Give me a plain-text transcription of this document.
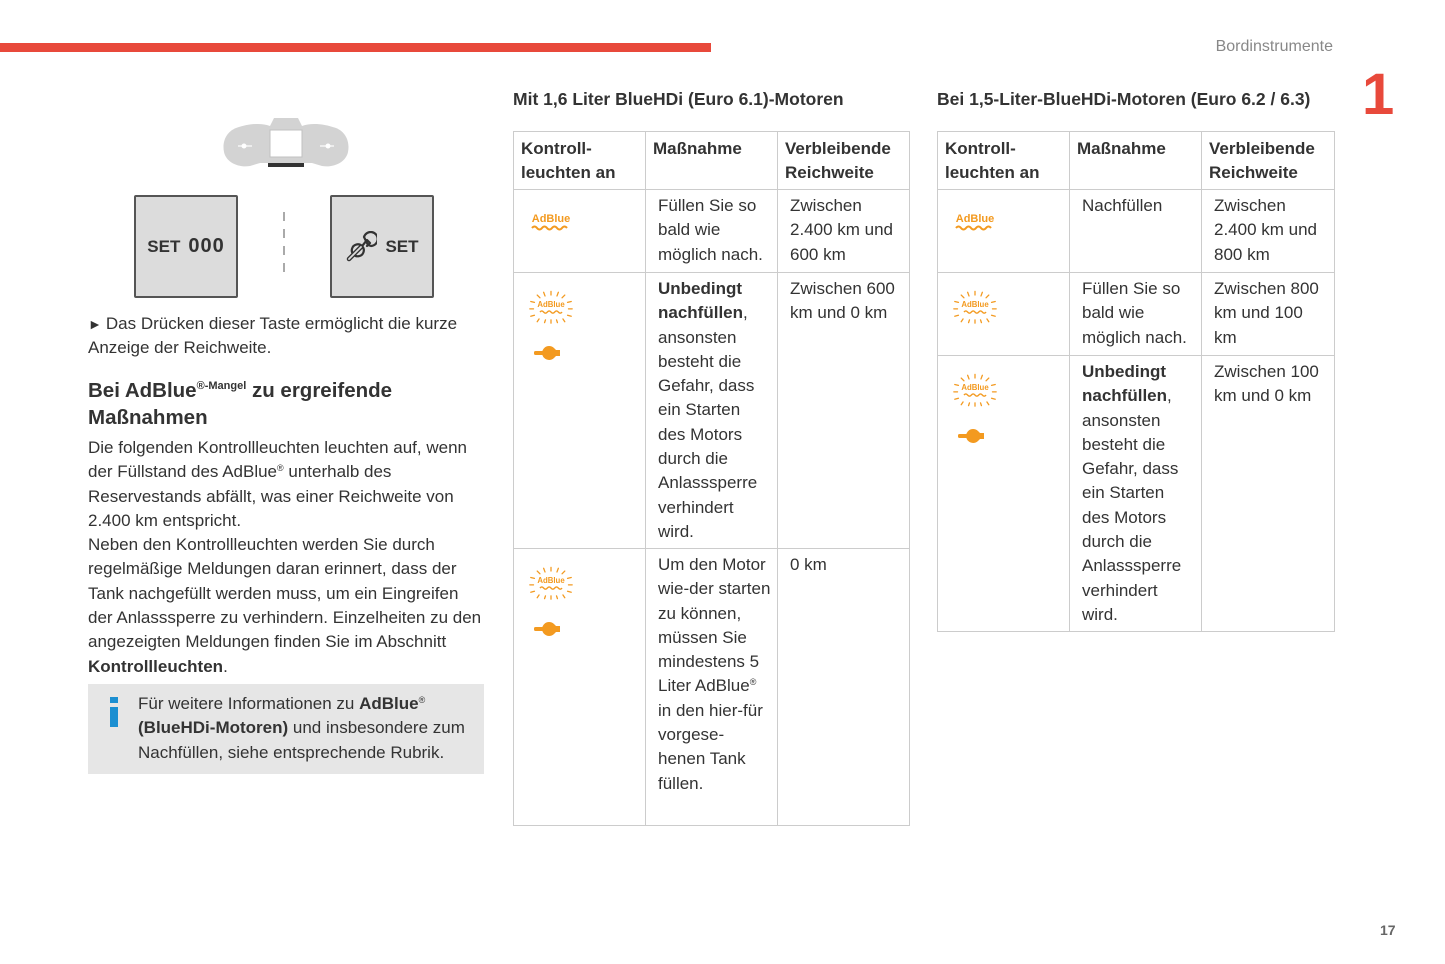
Bordinstrumente
1
17
SET 000	SET
► Das Drücken dieser Taste ermöglicht die kurze Anzeige der Reichweite.
Bei AdBlue$^{®-Mangel}$ zu ergreifende Maßnahmen
Die folgenden Kontrollleuchten leuchten auf, wenn der Füllstand des AdBlue® unterhalb des Reservestands abfällt, was einer Reichweite von 2.400 km entspricht.
Neben den Kontrollleuchten werden Sie durch regelmäßige Meldungen daran erinnert, dass der Tank nachgefüllt werden muss, um ein Eingreifen der Anlasssperre zu verhindern. Einzelheiten zu den angezeigten Meldungen finden Sie im Abschnitt Kontrollleuchten.
Für weitere Informationen zu AdBlue®
(BlueHDi-Motoren) und insbesondere zum Nachfüllen, siehe entsprechende Rubrik.
Mit 1,6 Liter BlueHDi (Euro 6.1)-Motoren
Kontroll-leuchten an	Maßnahme	Verbleibende Reichweite

	Füllen Sie so bald wie möglich nach.	Zwischen 2.400 km und 600 km

	Unbedingt nachfüllen, ansonsten besteht die Gefahr, dass ein Starten des Motors durch die Anlasssperre verhindert wird.	Zwischen 600 km und 0 km

	Um den Motor wie-der starten zu können, müssen Sie mindestens 5 Liter AdBlue® in den hier-für vorgese-henen Tank füllen.	0 km
Bei 1,5-Liter-BlueHDi-Motoren (Euro 6.2 / 6.3)
Kontroll-leuchten an	Maßnahme	Verbleibende Reichweite

	Nachfüllen	Zwischen 2.400 km und 800 km

	Füllen Sie so bald wie möglich nach.	Zwischen 800 km und 100 km

	Unbedingt nachfüllen, ansonsten besteht die Gefahr, dass ein Starten des Motors durch die Anlasssperre verhindert wird.	Zwischen 100 km und 0 km
